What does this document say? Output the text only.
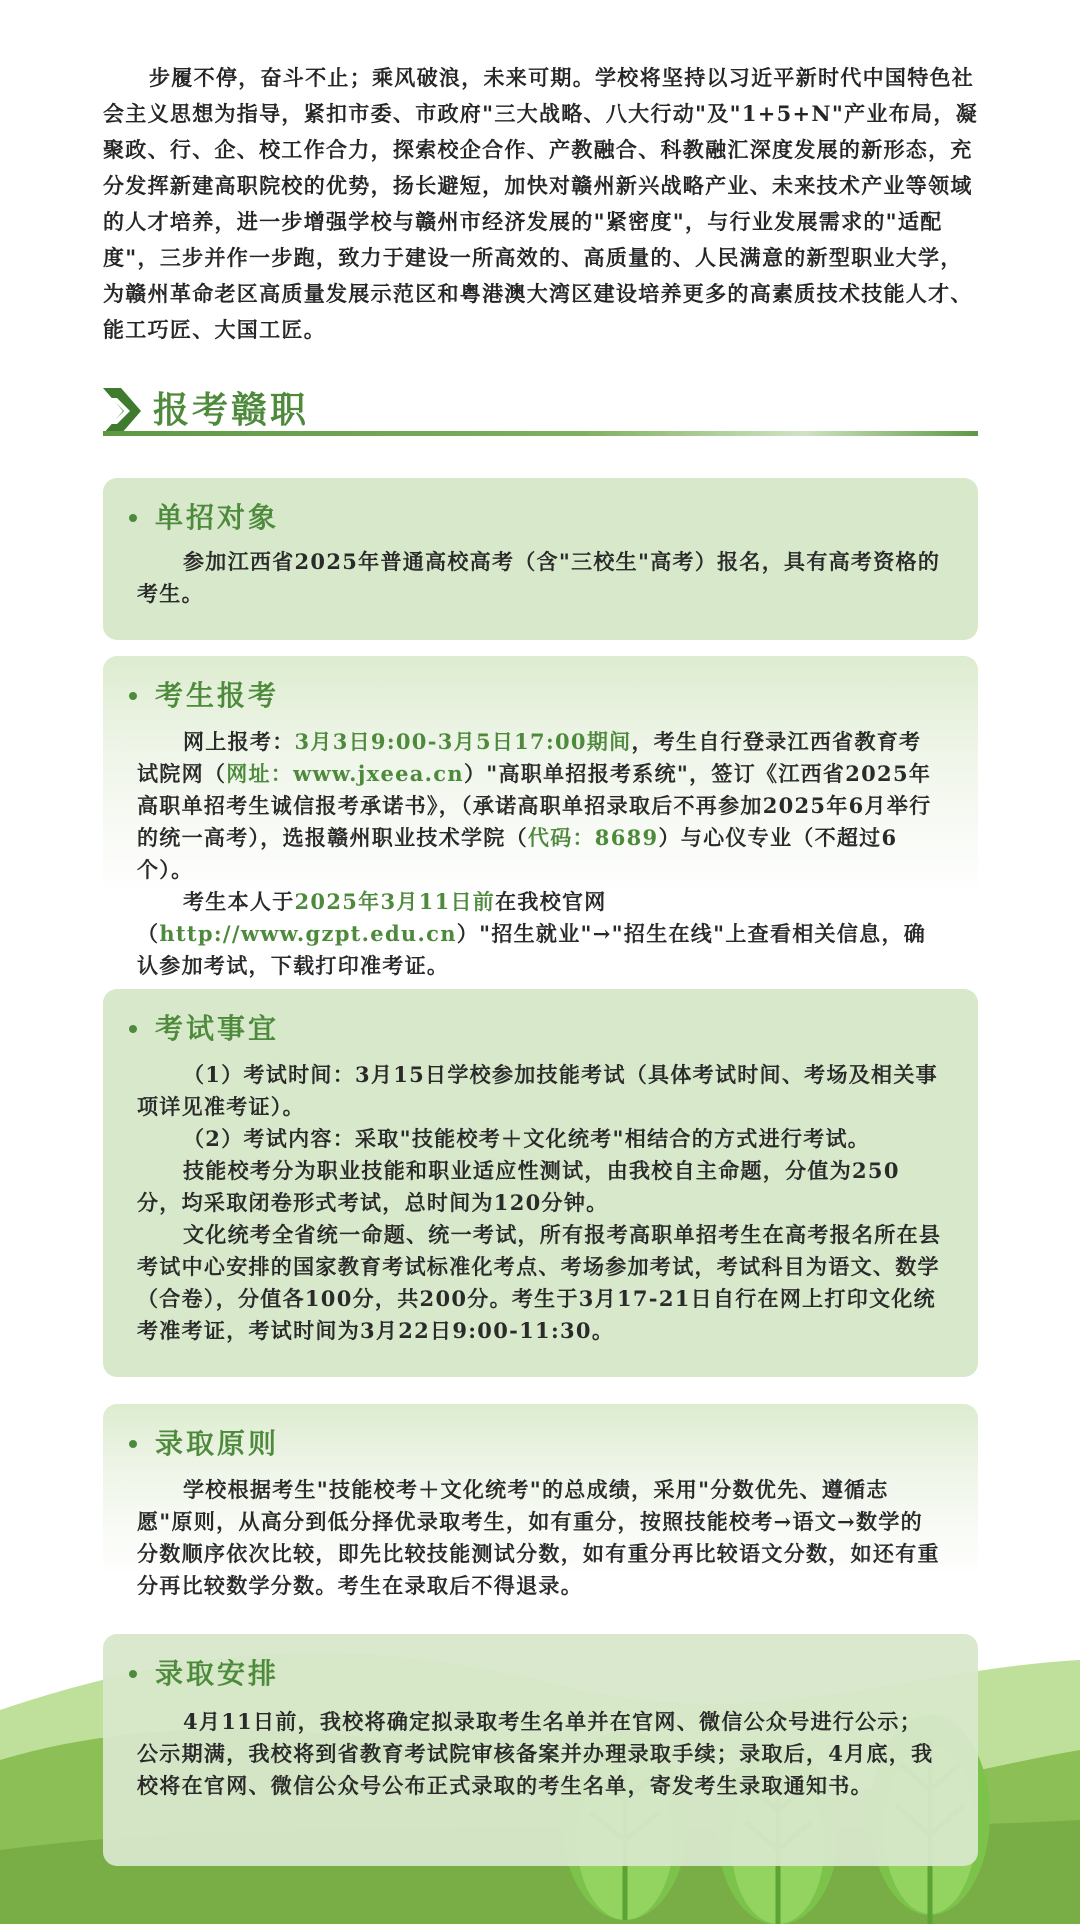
步履不停，奋斗不止；乘风破浪，未来可期。学校将坚持以习近平新时代中国特色社会主义思想为指导，紧扣市委、市政府"三大战略、八大行动"及"1+5+N"产业布局，凝聚政、行、企、校工作合力，探索校企合作、产教融合、科教融汇深度发展的新形态，充分发挥新建高职院校的优势，扬长避短，加快对赣州新兴战略产业、未来技术产业等领域的人才培养，进一步增强学校与赣州市经济发展的"紧密度"，与行业发展需求的"适配度"，三步并作一步跑，致力于建设一所高效的、高质量的、人民满意的新型职业大学，为赣州革命老区高质量发展示范区和粤港澳大湾区建设培养更多的高素质技术技能人才、能工巧匠、大国工匠。

报考赣职
单招对象

参加江西省2025年普通高校高考（含"三校生"高考）报名，具有高考资格的考生。

考生报考

网上报考：3月3日9:00-3月5日17:00期间，考生自行登录江西省教育考试院网（网址：www.jxeea.cn）"高职单招报考系统"，签订《江西省2025年高职单招考生诚信报考承诺书》，（承诺高职单招录取后不再参加2025年6月举行的统一高考），选报赣州职业技术学院（代码：8689）与心仪专业（不超过6个）。

考生本人于2025年3月11日前在我校官网（http://www.gzpt.edu.cn）"招生就业"→"招生在线"上查看相关信息，确认参加考试，下载打印准考证。

考试事宜

（1）考试时间：3月15日学校参加技能考试（具体考试时间、考场及相关事项详见准考证）。

（2）考试内容：采取"技能校考＋文化统考"相结合的方式进行考试。

技能校考分为职业技能和职业适应性测试，由我校自主命题，分值为250分，均采取闭卷形式考试，总时间为120分钟。

文化统考全省统一命题、统一考试，所有报考高职单招考生在高考报名所在县考试中心安排的国家教育考试标准化考点、考场参加考试，考试科目为语文、数学（合卷），分值各100分，共200分。考生于3月17-21日自行在网上打印文化统考准考证，考试时间为3月22日9:00-11:30。

录取原则

学校根据考生"技能校考＋文化统考"的总成绩，采用"分数优先、遵循志愿"原则，从高分到低分择优录取考生，如有重分，按照技能校考→语文→数学的分数顺序依次比较，即先比较技能测试分数，如有重分再比较语文分数，如还有重分再比较数学分数。考生在录取后不得退录。

录取安排

4月11日前，我校将确定拟录取考生名单并在官网、微信公众号进行公示；公示期满，我校将到省教育考试院审核备案并办理录取手续；录取后，4月底，我校将在官网、微信公众号公布正式录取的考生名单，寄发考生录取通知书。
